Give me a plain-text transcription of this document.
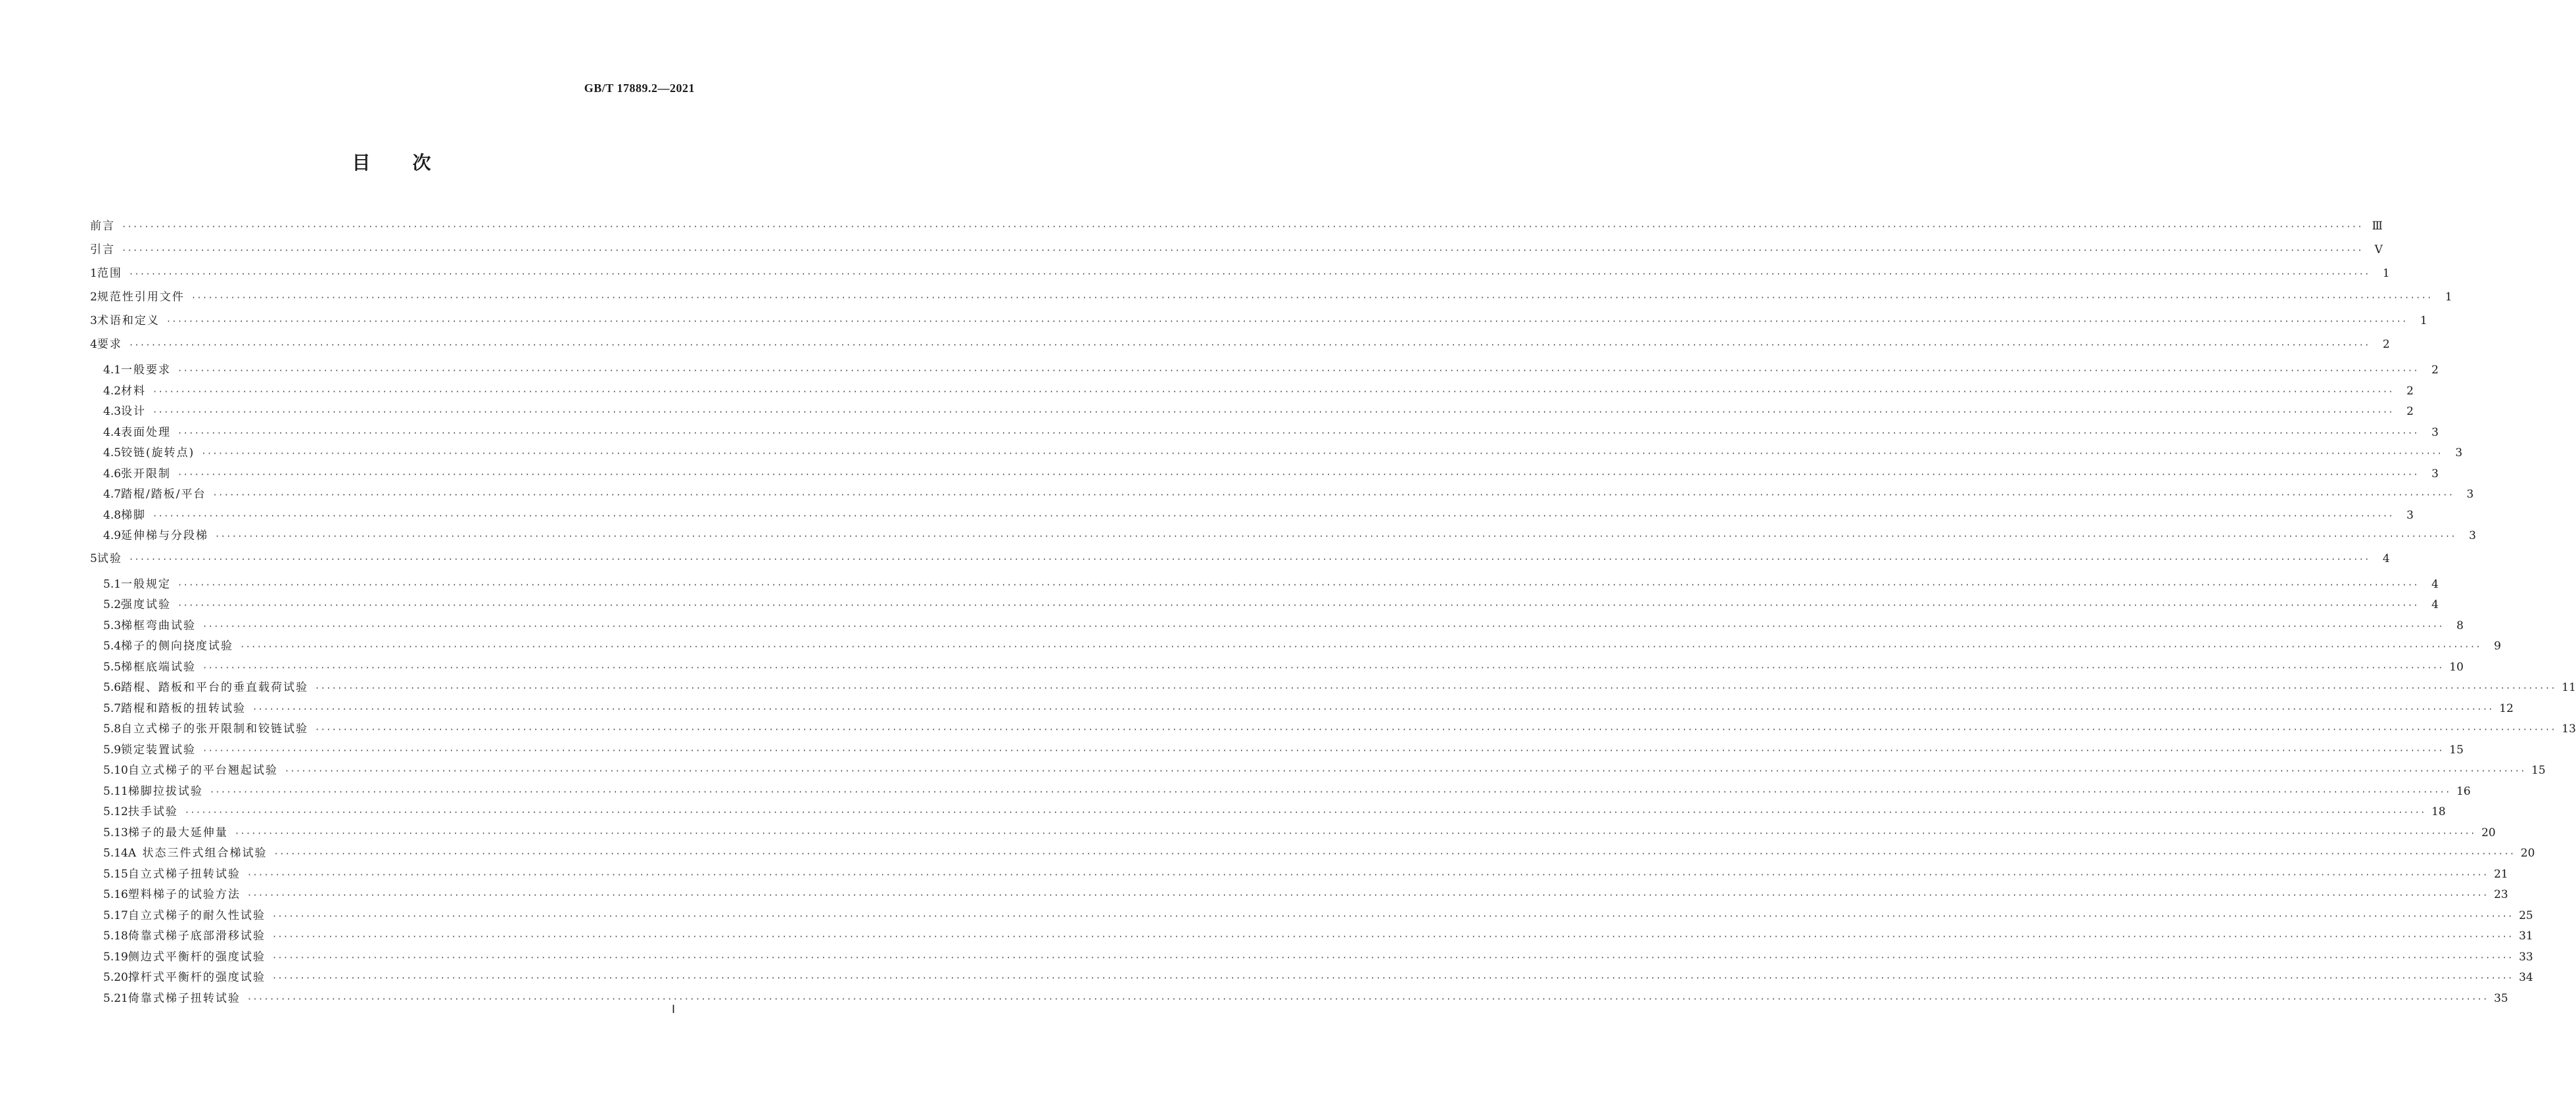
GB/T 17889.2—2021
目 次
前言 ················································································································································································································································································································································································································ Ⅲ
引言 ················································································································································································································································································································································································································	Ⅴ
1 范围 ················································································································································································································································································································································································································	1
2 规范性引用文件 ················································································································································································································································································································································································································	1
3 术语和定义 ················································································································································································································································································································································································································	1
4 要求 ················································································································································································································································································································································································································	2
4.1 一般要求 ················································································································································································································································································································································································································	2
4.2 材料 ················································································································································································································································································································································································································	2
4.3 设计 ················································································································································································································································································································································································································	2
4.4 表面处理 ················································································································································································································································································································································································································	3
4.5 铰链(旋转点) ················································································································································································································································································································································································································	3
4.6 张开限制 ················································································································································································································································································································································································································	3
4.7 踏棍/踏板/平台 ················································································································································································································································································································································································································	3
4.8 梯脚 ················································································································································································································································································································································································································	3
4.9 延伸梯与分段梯 ················································································································································································································································································································································································································	3
5 试验 ················································································································································································································································································································································································································	4
5.1 一般规定 ················································································································································································································································································································································································································	4
5.2 强度试验 ················································································································································································································································································································································································································	4
5.3 梯框弯曲试验 ················································································································································································································································································································································································································	8
5.4 梯子的侧向挠度试验 ················································································································································································································································································································································································································	9
5.5 梯框底端试验 ················································································································································································································································································································································································································ 10
5.6 踏棍、踏板和平台的垂直载荷试验 ················································································································································································································································································································································································································ 11
5.7 踏棍和踏板的扭转试验 ················································································································································································································································································································································································································ 12
5.8 自立式梯子的张开限制和铰链试验 ················································································································································································································································································································································································································ 13
5.9 锁定装置试验 ················································································································································································································································································································································································································ 15
5.10 自立式梯子的平台翘起试验 ················································································································································································································································································································································································································ 15
5.11 梯脚拉拔试验 ················································································································································································································································································································································································································ 16
5.12 扶手试验 ················································································································································································································································································································································································································ 18
5.13 梯子的最大延伸量 ················································································································································································································································································································································································································ 20
5.14 A 状态三件式组合梯试验 ················································································································································································································································································································································································································ 20
5.15 自立式梯子扭转试验 ················································································································································································································································································································································································································ 21
5.16 塑料梯子的试验方法 ················································································································································································································································································································································································································ 23
5.17 自立式梯子的耐久性试验 ················································································································································································································································································································································································································ 25
5.18 倚靠式梯子底部滑移试验 ················································································································································································································································································································································································································ 31
5.19 侧边式平衡杆的强度试验 ················································································································································································································································································································································································································ 33
5.20 撑杆式平衡杆的强度试验 ················································································································································································································································································································································································································ 34
5.21 倚靠式梯子扭转试验 ················································································································································································································································································································································································································ 35
Ⅰ
